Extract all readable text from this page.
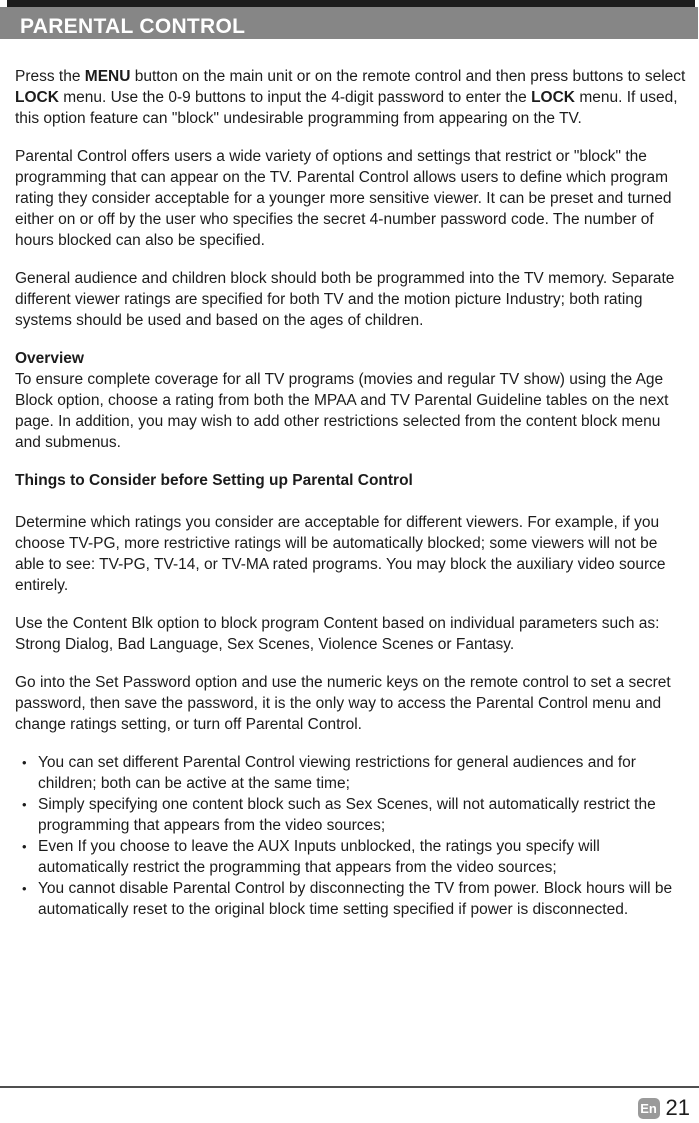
PARENTAL CONTROL

Press the MENU button on the main unit or on the remote control and then press buttons to select LOCK menu. Use the 0-9 buttons to input the 4-digit password to enter the LOCK menu. If used, this option feature can "block" undesirable programming from appearing on the TV.

Parental Control offers users a wide variety of options and settings that restrict or "block" the programming that can appear on the TV. Parental Control allows users to define which program rating they consider acceptable for a younger more sensitive viewer. It can be preset and turned either on or off by the user who specifies the secret 4-number password code. The number of hours blocked can also be specified.

General audience and children block should both be programmed into the TV memory. Separate different viewer ratings are specified for both TV and the motion picture Industry; both rating systems should be used and based on the ages of children.

Overview

To ensure complete coverage for all TV programs (movies and regular TV show) using the Age Block option, choose a rating from both the MPAA and TV Parental Guideline tables on the next page. In addition, you may wish to add other restrictions selected from the content block menu and submenus.

Things to Consider before Setting up Parental Control

Determine which ratings you consider are acceptable for different viewers. For example, if you choose TV-PG, more restrictive ratings will be automatically blocked; some viewers will not be able to see: TV-PG, TV-14, or TV-MA rated programs. You may block the auxiliary video source entirely.

Use the Content Blk option to block program Content based on individual parameters such as: Strong Dialog, Bad Language, Sex Scenes, Violence Scenes or Fantasy.

Go into the Set Password option and use the numeric keys on the remote control to set a secret password, then save the password, it is the only way to access the Parental Control menu and change ratings setting, or turn off Parental Control.

• You can set different Parental Control viewing restrictions for general audiences and for children; both can be active at the same time;
• Simply specifying one content block such as Sex Scenes, will not automatically restrict the programming that appears from the video sources;
• Even If you choose to leave the AUX Inputs unblocked, the ratings you specify will automatically restrict the programming that appears from the video sources;
• You cannot disable Parental Control by disconnecting the TV from power. Block hours will be automatically reset to the original block time setting specified if power is disconnected.
En 21
